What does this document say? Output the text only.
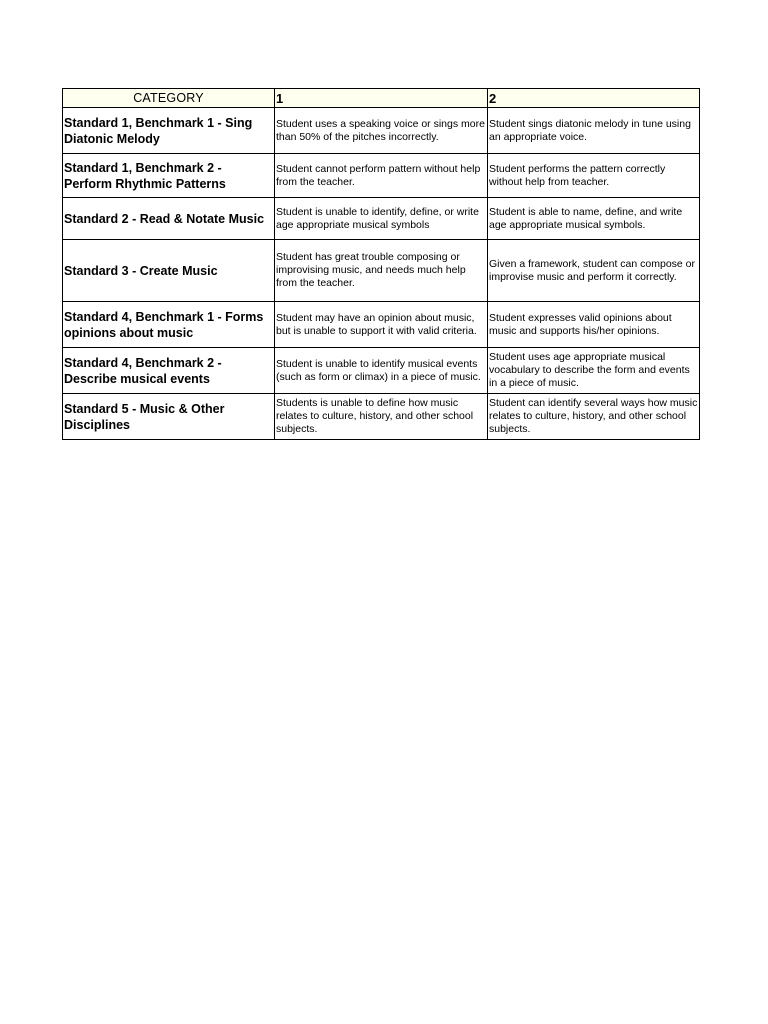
CATEGORY	1	2
Standard 1, Benchmark 1 - Sing Diatonic Melody	Student uses a speaking voice or sings more than 50% of the pitches incorrectly.	Student sings diatonic melody in tune using an appropriate voice.
Standard 1, Benchmark 2 - Perform Rhythmic Patterns	Student cannot perform pattern without help from the teacher.	Student performs the pattern correctly without help from teacher.
Standard 2 - Read & Notate Music	Student is unable to identify, define, or write age appropriate musical symbols	Student is able to name, define, and write age appropriate musical symbols.
Standard 3 - Create Music	Student has great trouble composing or improvising music, and needs much help from the teacher.	Given a framework, student can compose or improvise music and perform it correctly.
Standard 4, Benchmark 1 - Forms opinions about music	Student may have an opinion about music, but is unable to support it with valid criteria.	Student expresses valid opinions about music and supports his/her opinions.
Standard 4, Benchmark 2 - Describe musical events	Student is unable to identify musical events (such as form or climax) in a piece of music.	Student uses age appropriate musical vocabulary to describe the form and events in a piece of music.
Standard 5 - Music & Other Disciplines	Students is unable to define how music relates to culture, history, and other school subjects.	Student can identify several ways how music relates to culture, history, and other school subjects.
